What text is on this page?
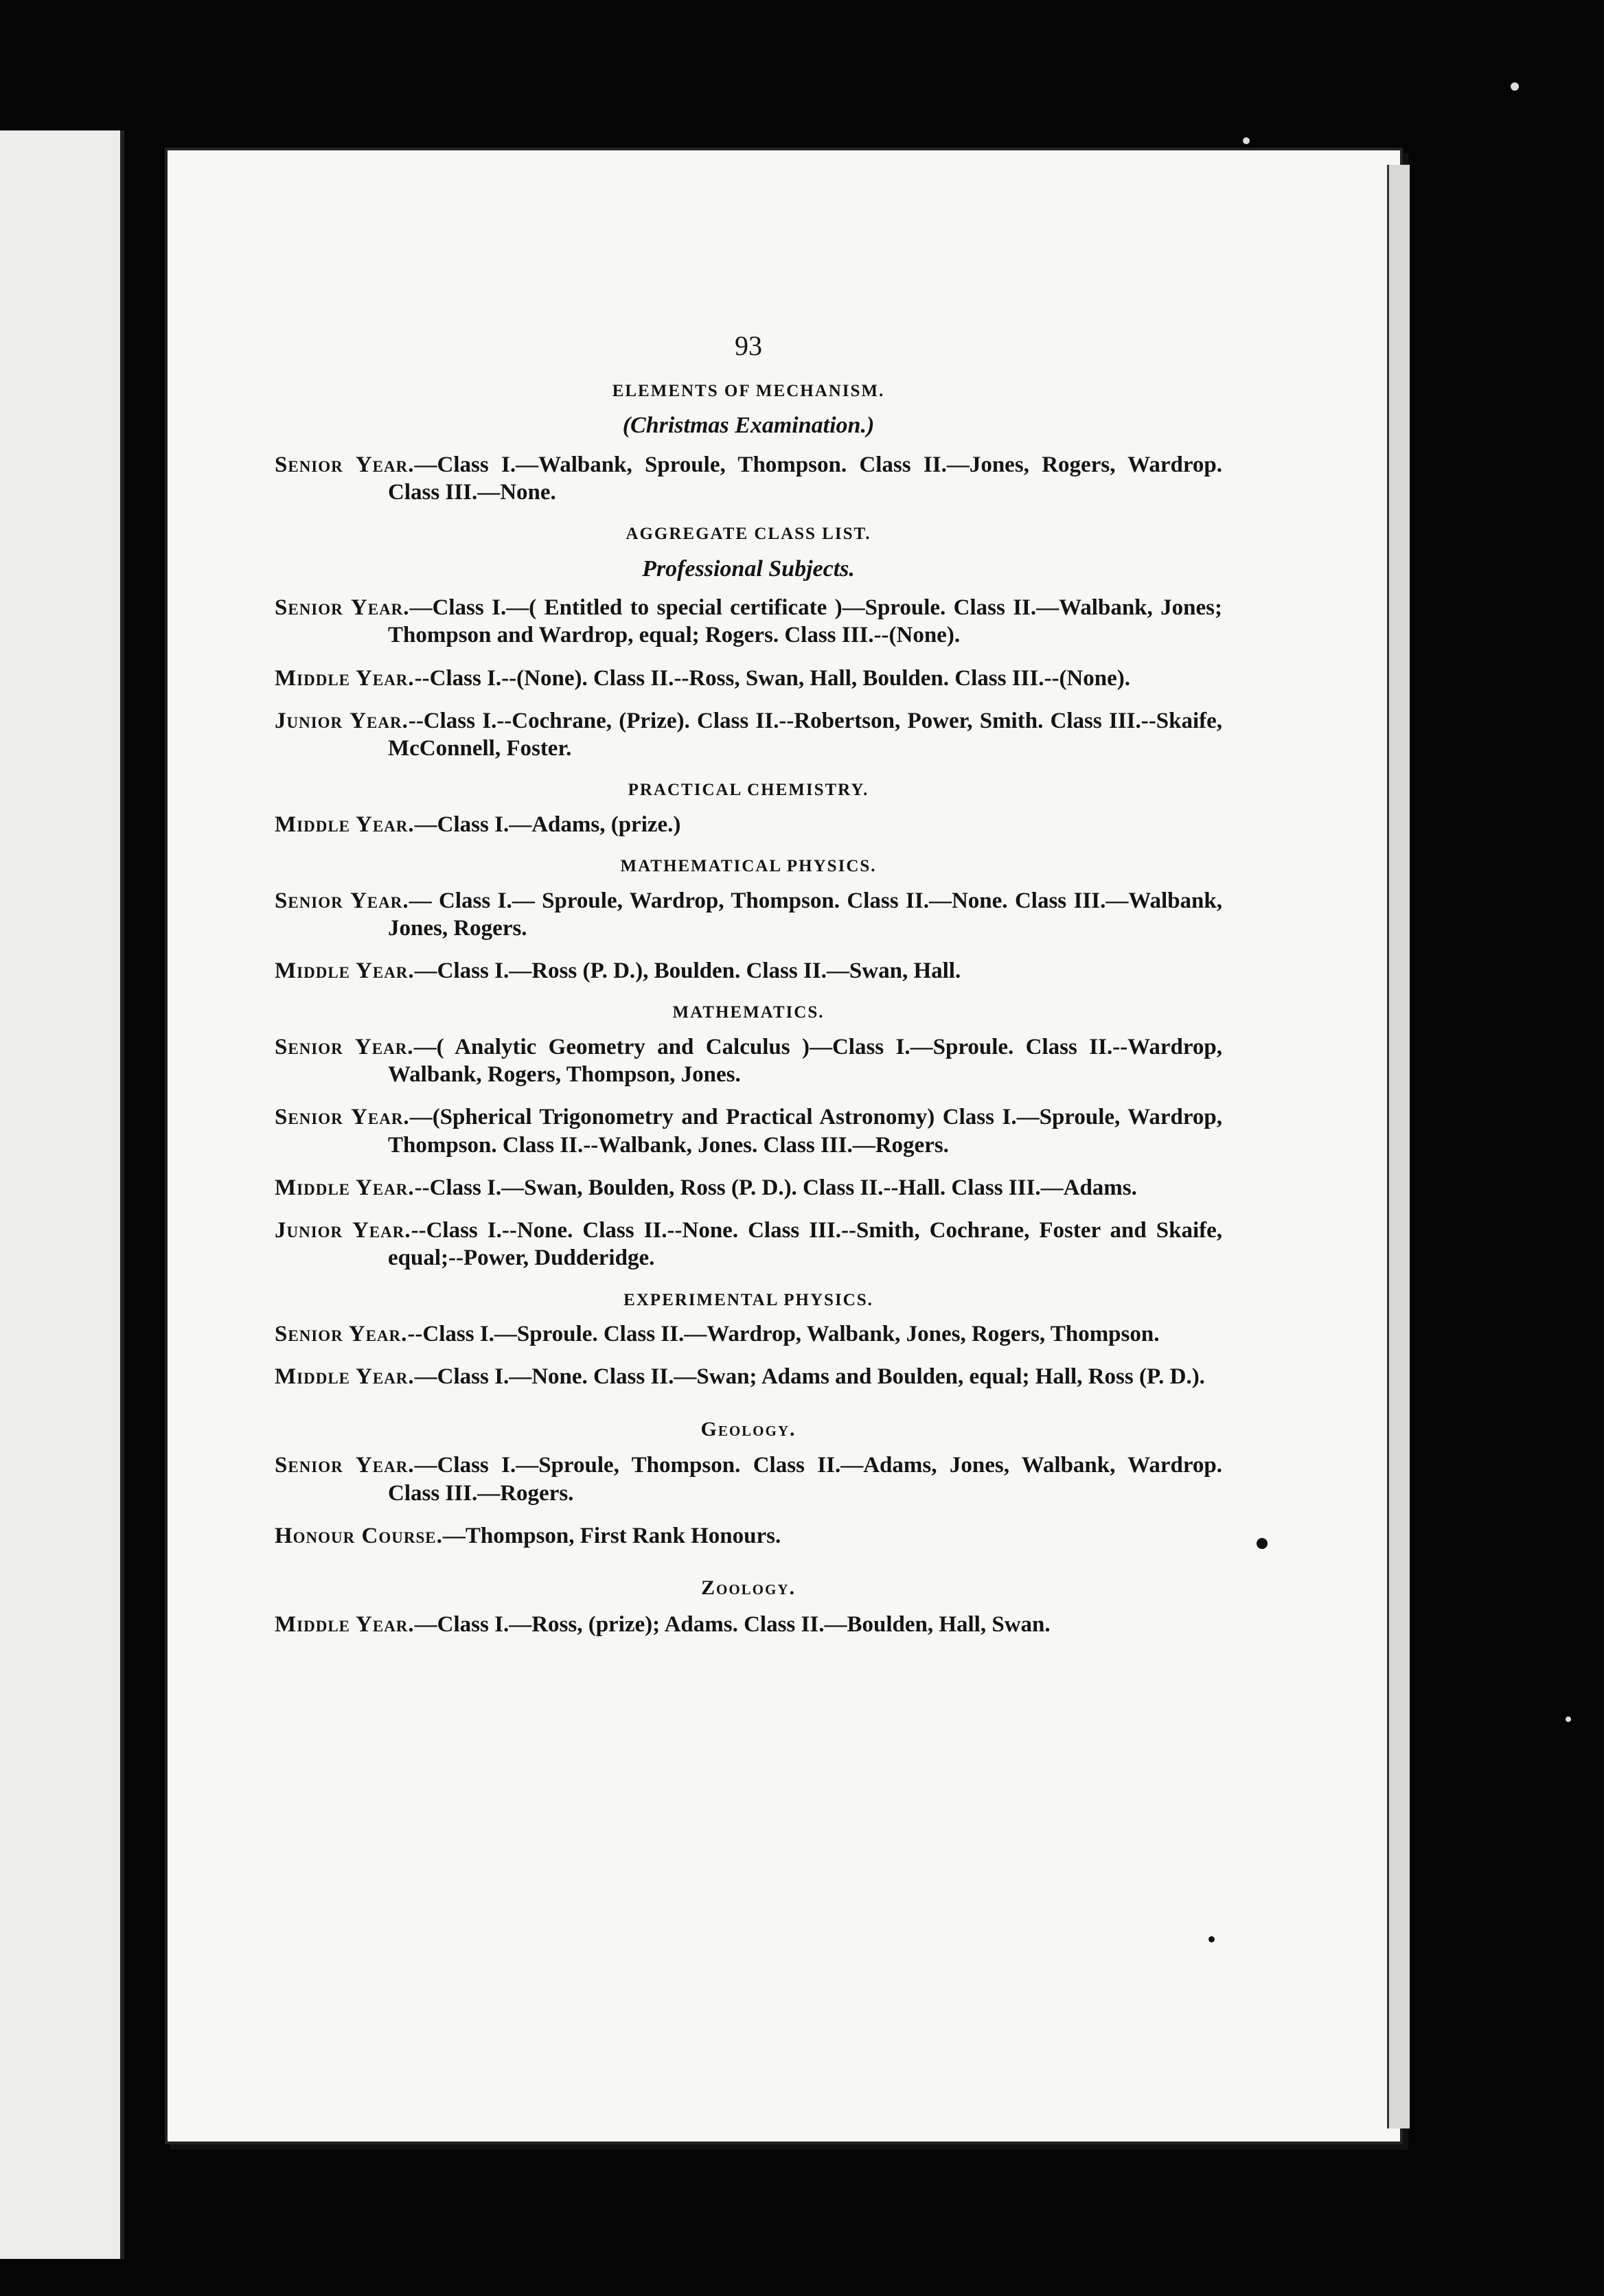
93
ELEMENTS OF MECHANISM.
(Christmas Examination.)

Senior Year.—Class I.—Walbank, Sproule, Thompson. Class II.—Jones, Rogers, Wardrop. Class III.—None.

AGGREGATE CLASS LIST.
Professional Subjects.

Senior Year.—Class I.—( Entitled to special certificate )—Sproule. Class II.—Walbank, Jones; Thompson and Wardrop, equal; Rogers. Class III.--(None).

Middle Year.--Class I.--(None). Class II.--Ross, Swan, Hall, Boulden. Class III.--(None).

Junior Year.--Class I.--Cochrane, (Prize). Class II.--Robertson, Power, Smith. Class III.--Skaife, McConnell, Foster.

PRACTICAL CHEMISTRY.

Middle Year.—Class I.—Adams, (prize.)

MATHEMATICAL PHYSICS.

Senior Year.— Class I.— Sproule, Wardrop, Thompson. Class II.—None. Class III.—Walbank, Jones, Rogers.

Middle Year.—Class I.—Ross (P. D.), Boulden. Class II.—Swan, Hall.

MATHEMATICS.

Senior Year.—( Analytic Geometry and Calculus )—Class I.—Sproule. Class II.--Wardrop, Walbank, Rogers, Thompson, Jones.

Senior Year.—(Spherical Trigonometry and Practical Astronomy) Class I.—Sproule, Wardrop, Thompson. Class II.--Walbank, Jones. Class III.—Rogers.

Middle Year.--Class I.—Swan, Boulden, Ross (P. D.). Class II.--Hall. Class III.—Adams.

Junior Year.--Class I.--None. Class II.--None. Class III.--Smith, Cochrane, Foster and Skaife, equal;--Power, Dudderidge.

EXPERIMENTAL PHYSICS.

Senior Year.--Class I.—Sproule. Class II.—Wardrop, Walbank, Jones, Rogers, Thompson.

Middle Year.—Class I.—None. Class II.—Swan; Adams and Boulden, equal; Hall, Ross (P. D.).

Geology.

Senior Year.—Class I.—Sproule, Thompson. Class II.—Adams, Jones, Walbank, Wardrop. Class III.—Rogers.

Honour Course.—Thompson, First Rank Honours.

Zoology.

Middle Year.—Class I.—Ross, (prize); Adams. Class II.—Boulden, Hall, Swan.
